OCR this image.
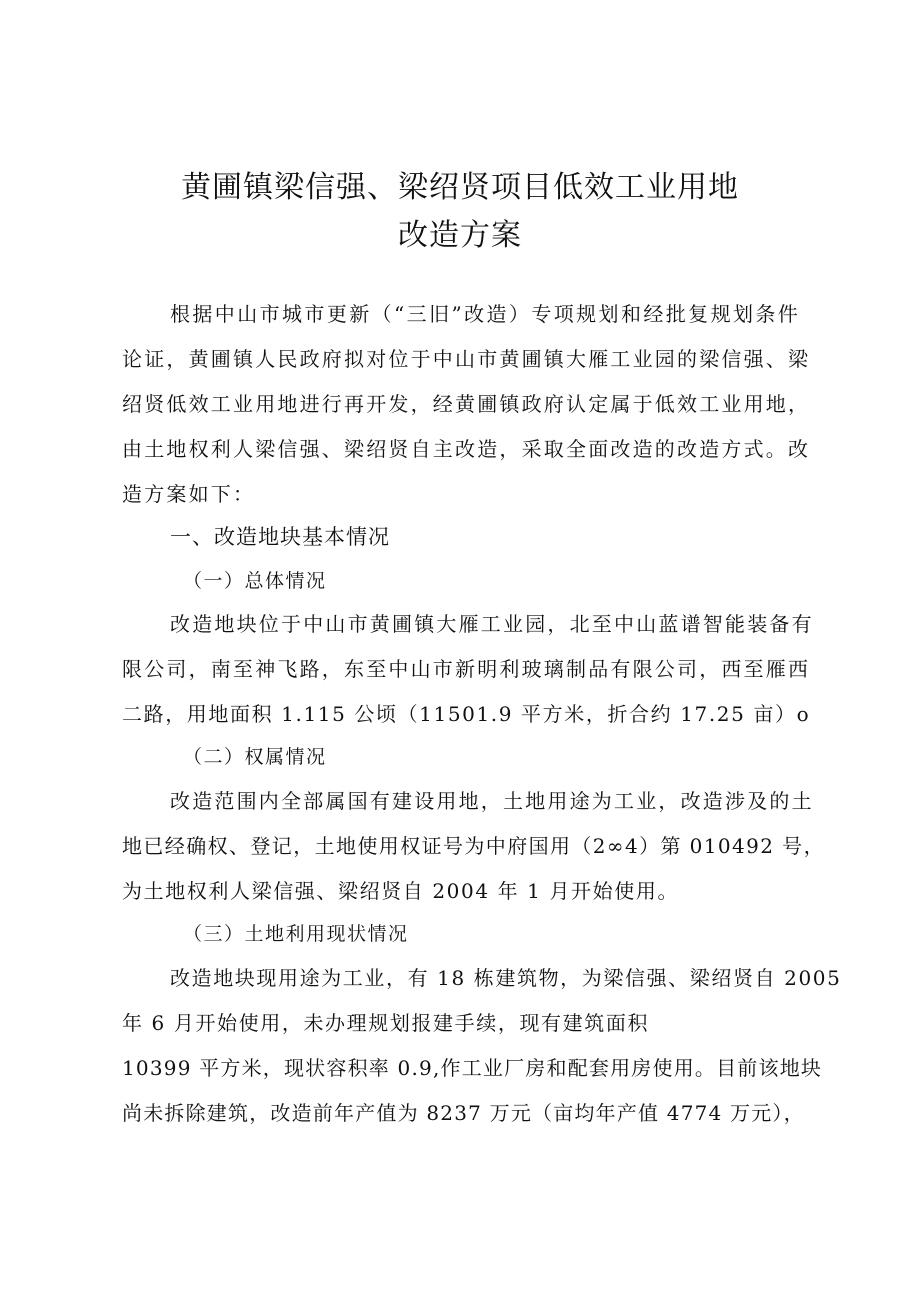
黄圃镇梁信强、梁绍贤项目低效工业用地
改造方案
根据中山市城市更新（“三旧”改造）专项规划和经批复规划条件
论证，黄圃镇人民政府拟对位于中山市黄圃镇大雁工业园的梁信强、梁
绍贤低效工业用地进行再开发，经黄圃镇政府认定属于低效工业用地，
由土地权利人梁信强、梁绍贤自主改造，采取全面改造的改造方式。改
造方案如下：
一、改造地块基本情况
（一）总体情况
改造地块位于中山市黄圃镇大雁工业园，北至中山蓝谱智能装备有
限公司，南至神飞路，东至中山市新明利玻璃制品有限公司，西至雁西
二路，用地面积 1.115 公顷（11501.9 平方米，折合约 17.25 亩）o
（二）权属情况
改造范围内全部属国有建设用地，土地用途为工业，改造涉及的土
地已经确权、登记，土地使用权证号为中府国用（2∞4）第 010492 号，
为土地权利人梁信强、梁绍贤自 2004 年 1 月开始使用。
（三）土地利用现状情况
改造地块现用途为工业，有 18 栋建筑物，为梁信强、梁绍贤自 2005
年 6 月开始使用，未办理规划报建手续，现有建筑面积
10399 平方米，现状容积率 0.9,作工业厂房和配套用房使用。目前该地块
尚未拆除建筑，改造前年产值为 8237 万元（亩均年产值 4774 万元），
